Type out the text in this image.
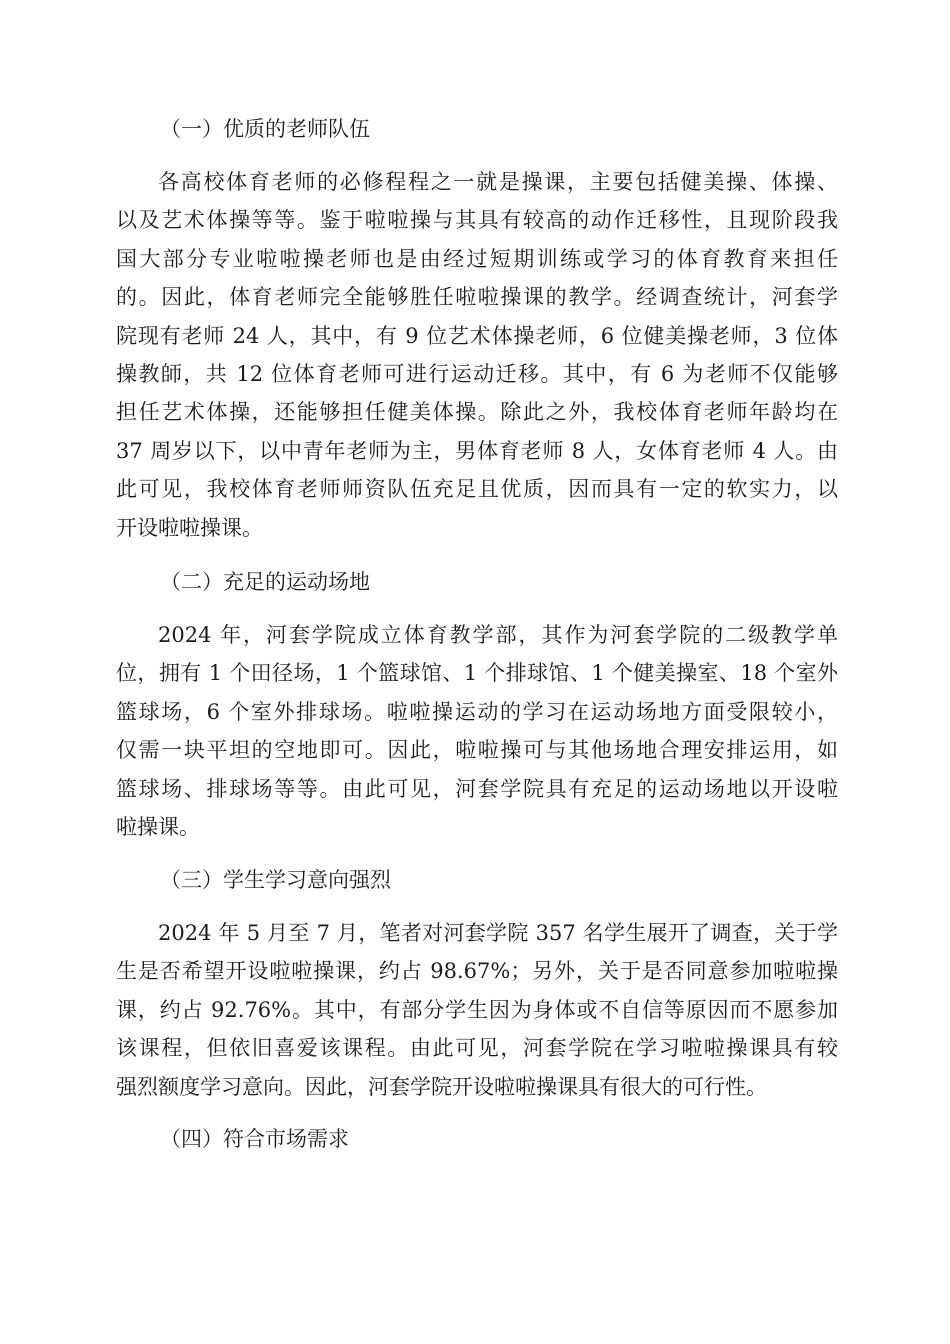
（一）优质的老师队伍
各高校体育老师的必修程程之一就是操课，主要包括健美操、体操、
以及艺术体操等等。鉴于啦啦操与其具有较高的动作迁移性，且现阶段我
国大部分专业啦啦操老师也是由经过短期训练或学习的体育教育来担任
的。因此，体育老师完全能够胜任啦啦操课的教学。经调查统计，河套学
院现有老师 24 人，其中，有 9 位艺术体操老师，6 位健美操老师，3 位体
操教師，共 12 位体育老师可进行运动迁移。其中，有 6 为老师不仅能够
担任艺术体操，还能够担任健美体操。除此之外，我校体育老师年龄均在
37 周岁以下，以中青年老师为主，男体育老师 8 人，女体育老师 4 人。由
此可见，我校体育老师师资队伍充足且优质，因而具有一定的软实力，以
开设啦啦操课。
（二）充足的运动场地
2024 年，河套学院成立体育教学部，其作为河套学院的二级教学单
位，拥有 1 个田径场，1 个篮球馆、1 个排球馆、1 个健美操室、18 个室外
篮球场，6 个室外排球场。啦啦操运动的学习在运动场地方面受限较小，
仅需一块平坦的空地即可。因此，啦啦操可与其他场地合理安排运用，如
篮球场、排球场等等。由此可见，河套学院具有充足的运动场地以开设啦
啦操课。
（三）学生学习意向强烈
2024 年 5 月至 7 月，笔者对河套学院 357 名学生展开了调查，关于学
生是否希望开设啦啦操课，约占 98.67%；另外，关于是否同意参加啦啦操
课，约占 92.76%。其中，有部分学生因为身体或不自信等原因而不愿参加
该课程，但依旧喜爱该课程。由此可见，河套学院在学习啦啦操课具有较
强烈额度学习意向。因此，河套学院开设啦啦操课具有很大的可行性。
（四）符合市场需求
